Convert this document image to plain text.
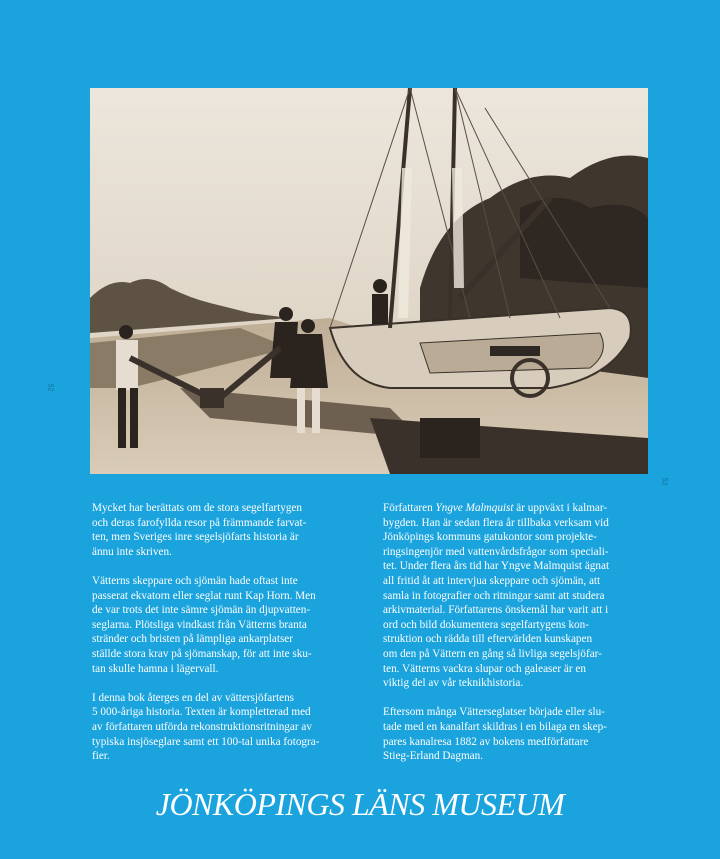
52
52

Mycket har berättats om de stora segelfartygen
och deras farofyllda resor på främmande farvat-
ten, men Sveriges inre segelsjöfarts historia är
ännu inte skriven.

Vätterns skeppare och sjömän hade oftast inte
passerat ekvatorn eller seglat runt Kap Horn. Men
de var trots det inte sämre sjömän än djupvatten-
seglarna. Plötsliga vindkast från Vätterns branta
stränder och bristen på lämpliga ankarplatser
ställde stora krav på sjömanskap, för att inte sku-
tan skulle hamna i lägervall.

I denna bok återges en del av vättersjöfartens
5 000-åriga historia. Texten är kompletterad med
av författaren utförda rekonstruktionsritningar av
typiska insjöseglare samt ett 100-tal unika fotogra-
fier.

Författaren Yngve Malmquist är uppväxt i kalmar-
bygden. Han är sedan flera år tillbaka verksam vid
Jönköpings kommuns gatukontor som projekte-
ringsingenjör med vattenvårdsfrågor som speciali-
tet. Under flera års tid har Yngve Malmquist ägnat
all fritid åt att intervjua skeppare och sjömän, att
samla in fotografier och ritningar samt att studera
arkivmaterial. Författarens önskemål har varit att i
ord och bild dokumentera segelfartygens kon-
struktion och rädda till eftervärlden kunskapen
om den på Vättern en gång så livliga segelsjöfar-
ten. Vätterns vackra slupar och galeaser är en
viktig del av vår teknikhistoria.

Eftersom många Vätterseglatser började eller slu-
tade med en kanalfart skildras i en bilaga en skep-
pares kanalresa 1882 av bokens medförfattare
Stieg-Erland Dagman.

JÖNKÖPINGS LÄNS MUSEUM
